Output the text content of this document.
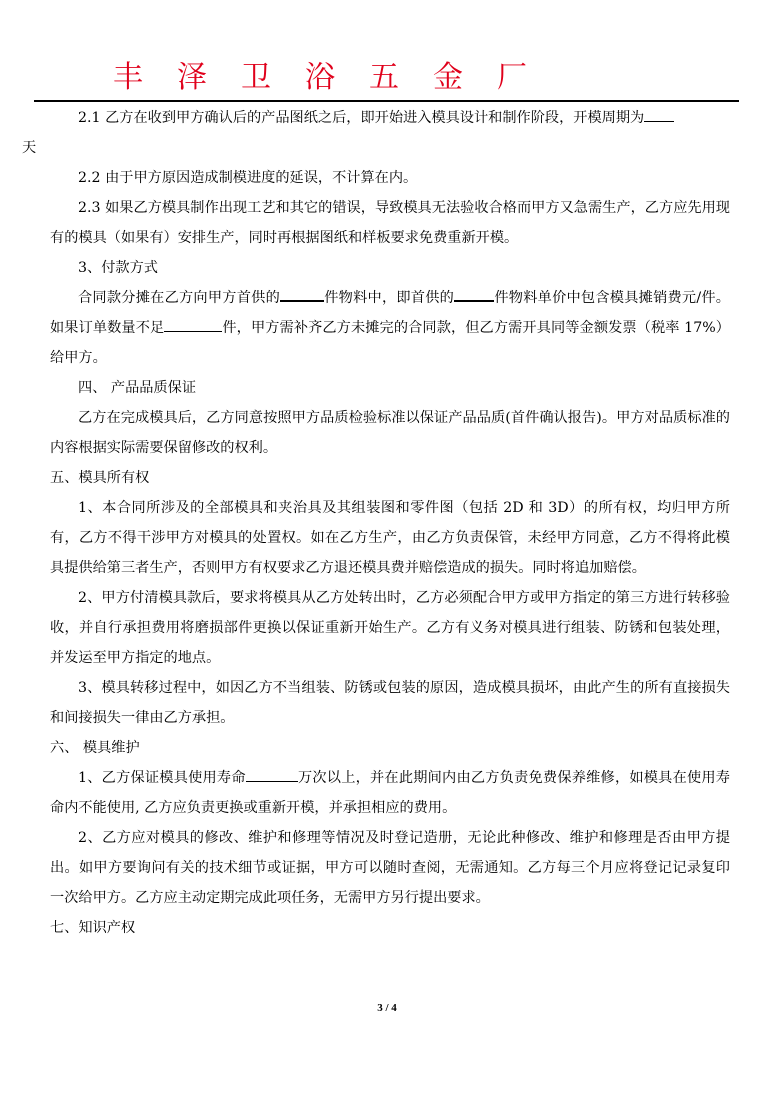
丰泽卫浴五金厂

2.1 乙方在收到甲方确认后的产品图纸之后，即开始进入模具设计和制作阶段，开模周期为
天

2.2 由于甲方原因造成制模进度的延误，不计算在内。

2.3 如果乙方模具制作出现工艺和其它的错误，导致模具无法验收合格而甲方又急需生产，乙方应先用现有的模具（如果有）安排生产，同时再根据图纸和样板要求免费重新开模。

3、付款方式

合同款分摊在乙方向甲方首供的	件物料中，即首供的	件物料单价中包含模具摊销费元/件。如果订单数量不足	件，甲方需补齐乙方未摊完的合同款，但乙方需开具同等金额发票（税率 17%）给甲方。

四、 产品品质保证

乙方在完成模具后，乙方同意按照甲方品质检验标准以保证产品品质(首件确认报告)。甲方对品质标准的内容根据实际需要保留修改的权利。

五、模具所有权

1、本合同所涉及的全部模具和夹治具及其组装图和零件图（包括 2D 和 3D）的所有权，均归甲方所有，乙方不得干涉甲方对模具的处置权。如在乙方生产，由乙方负责保管，未经甲方同意，乙方不得将此模具提供给第三者生产，否则甲方有权要求乙方退还模具费并赔偿造成的损失。同时将追加赔偿。

2、甲方付清模具款后，要求将模具从乙方处转出时，乙方必须配合甲方或甲方指定的第三方进行转移验收，并自行承担费用将磨损部件更换以保证重新开始生产。乙方有义务对模具进行组装、防锈和包装处理，并发运至甲方指定的地点。

3、模具转移过程中，如因乙方不当组装、防锈或包装的原因，造成模具损坏，由此产生的所有直接损失和间接损失一律由乙方承担。

六、 模具维护

1、乙方保证模具使用寿命	万次以上，并在此期间内由乙方负责免费保养维修，如模具在使用寿命内不能使用, 乙方应负责更换或重新开模，并承担相应的费用。

2、乙方应对模具的修改、维护和修理等情况及时登记造册，无论此种修改、维护和修理是否由甲方提出。如甲方要询问有关的技术细节或证据，甲方可以随时查阅，无需通知。乙方每三个月应将登记记录复印一次给甲方。乙方应主动定期完成此项任务，无需甲方另行提出要求。

七、知识产权

3 / 4
